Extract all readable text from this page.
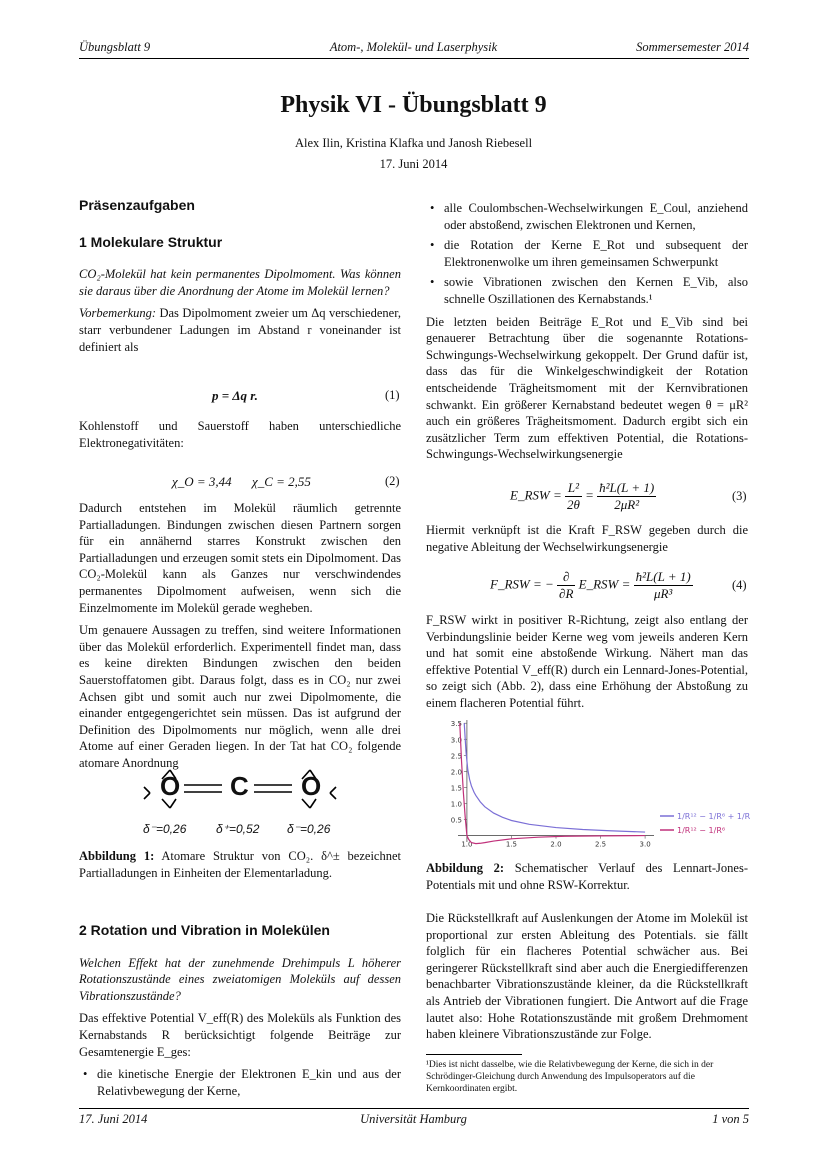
Übungsblatt 9	Atom-, Molekül- und Laserphysik	Sommersemester 2014
Physik VI - Übungsblatt 9
Alex Ilin, Kristina Klafka und Janosh Riebesell
17. Juni 2014
Präsenzaufgaben
1 Molekulare Struktur

CO₂-Molekül hat kein permanentes Dipolmoment. Was können sie daraus über die Anordnung der Atome im Molekül lernen?

Vorbemerkung: Das Dipolmoment zweier um Δq verschiedener, starr verbundener Ladungen im Abstand r voneinander ist definiert als

p = Δq r.	(1)

Kohlenstoff und Sauerstoff haben unterschiedliche Elektronegativitäten:

χ_O = 3,44 χ_C = 2,55	(2)

Dadurch entstehen im Molekül räumlich getrennte Partialladungen. Bindungen zwischen diesen Partnern sorgen für ein annähernd starres Konstrukt zwischen den Partialladungen und erzeugen somit stets ein Dipolmoment. Das CO₂-Molekül kann als Ganzes nur verschwindendes permanentes Dipolmoment aufweisen, wenn sich die Einzelmomente im Molekül gerade wegheben.

Um genauere Aussagen zu treffen, sind weitere Informationen über das Molekül erforderlich. Experimentell findet man, dass es keine direkten Bindungen zwischen den beiden Sauerstoffatomen gibt. Daraus folgt, dass es in CO₂ nur zwei Achsen gibt und somit auch nur zwei Dipolmomente, die einander entgegengerichtet sein müssen. Das ist aufgrund der Definition des Dipolmoments nur möglich, wenn alle drei Atome auf einer Geraden liegen. In der Tat hat CO₂ folgende atomare Anordnung

O C O
δ⁻=0,26 δ⁺=0,52 δ⁻=0,26

Abbildung 1: Atomare Struktur von CO₂. δ^± bezeichnet Partialladungen in Einheiten der Elementarladung.

2 Rotation und Vibration in Molekülen

Welchen Effekt hat der zunehmende Drehimpuls L höherer Rotationszustände eines zweiatomigen Moleküls auf dessen Vibrationszustände?

Das effektive Potential V_eff(R) des Moleküls als Funktion des Kernabstands R berücksichtigt folgende Beiträge zur Gesamtenergie E_ges:

• die kinetische Energie der Elektronen E_kin und aus der Relativbewegung der Kerne,
• alle Coulombschen-Wechselwirkungen E_Coul, anziehend oder abstoßend, zwischen Elektronen und Kernen,
• die Rotation der Kerne E_Rot und subsequent der Elektronenwolke um ihren gemeinsamen Schwerpunkt
• sowie Vibrationen zwischen den Kernen E_Vib, also schnelle Oszillationen des Kernabstands.¹

Die letzten beiden Beiträge E_Rot und E_Vib sind bei genauerer Betrachtung über die sogenannte Rotations-Schwingungs-Wechselwirkung gekoppelt. Der Grund dafür ist, dass das für die Winkelgeschwindigkeit der Rotation entscheidende Trägheitsmoment mit der Kernvibrationen schwankt. Ein größerer Kernabstand bedeutet wegen θ = μR² auch ein größeres Trägheitsmoment. Dadurch ergibt sich ein zusätzlicher Term zum effektiven Potential, die Rotations-Schwingungs-Wechselwirkungsenergie

E_RSW = $\frac{\text{L²}}{2\theta} = \frac{\text{ħ²L(L + 1)}}{\text{2μR²}}$	(3)

Hiermit verknüpft ist die Kraft F_RSW gegeben durch die negative Ableitung der Wechselwirkungsenergie

F_RSW = − $\frac{\partial}{\partial R}$ E_RSW = $\frac{\text{ħ²L(L + 1)}}{\text{μR³}}$	(4)

F_RSW wirkt in positiver R-Richtung, zeigt also entlang der Verbindungslinie beider Kerne weg vom jeweils anderen Kern und hat somit eine abstoßende Wirkung. Nähert man das effektive Potential V_eff(R) durch ein Lennard-Jones-Potential, so zeigt sich (Abb. 2), dass eine Erhöhung der Abstoßung zu einem flacheren Potential führt.

0.5
1.0
1.5
2.0
2.5
3.0
3.5
1.0	1.5	2.0	2.5	3.0
1/R¹² − 1/R⁶ + 1/R²
1/R¹² − 1/R⁶

Abbildung 2: Schematischer Verlauf des Lennart-Jones-Potentials mit und ohne RSW-Korrektur.

Die Rückstellkraft auf Auslenkungen der Atome im Molekül ist proportional zur ersten Ableitung des Potentials. sie fällt folglich für ein flacheres Potential schwächer aus. Bei geringerer Rückstellkraft sind aber auch die Energiedifferenzen benachbarter Vibrationszustände kleiner, da die Rückstellkraft als Antrieb der Vibrationen fungiert. Die Antwort auf die Frage lautet also: Hohe Rotationszustände mit großem Drehmoment haben kleinere Vibrationszustände zur Folge.

¹Dies ist nicht dasselbe, wie die Relativbewegung der Kerne, die sich in der Schrödinger-Gleichung durch Anwendung des Impulsoperators auf die Kernkoordinaten ergibt.
17. Juni 2014	Universität Hamburg	1 von 5
